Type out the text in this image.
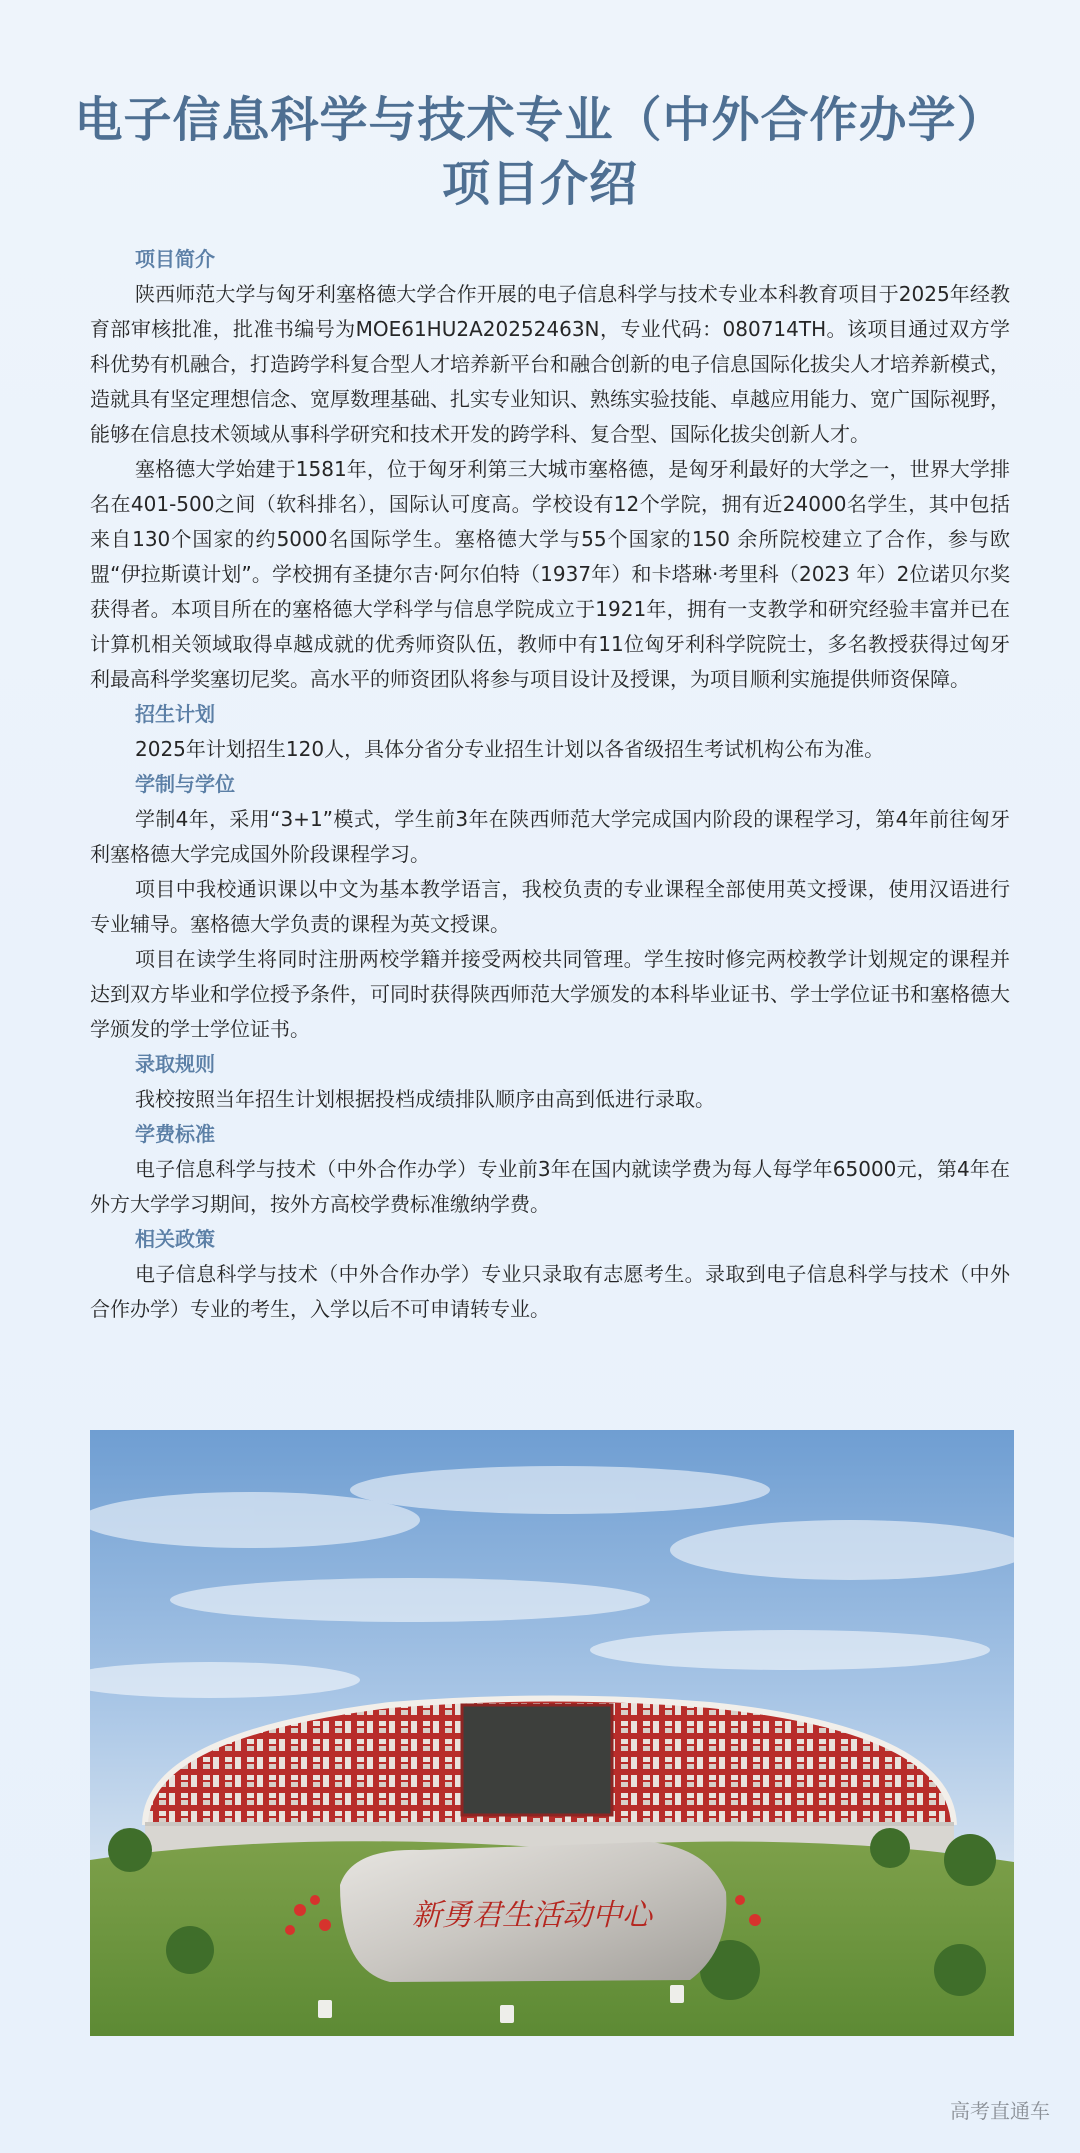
电子信息科学与技术专业（中外合作办学）
项目介绍

项目简介

陕西师范大学与匈牙利塞格德大学合作开展的电子信息科学与技术专业本科教育项目于2025年经教育部审核批准，批准书编号为MOE61HU2A20252463N，专业代码：080714TH。该项目通过双方学科优势有机融合，打造跨学科复合型人才培养新平台和融合创新的电子信息国际化拔尖人才培养新模式，造就具有坚定理想信念、宽厚数理基础、扎实专业知识、熟练实验技能、卓越应用能力、宽广国际视野，能够在信息技术领域从事科学研究和技术开发的跨学科、复合型、国际化拔尖创新人才。

塞格德大学始建于1581年，位于匈牙利第三大城市塞格德，是匈牙利最好的大学之一，世界大学排名在401-500之间（软科排名），国际认可度高。学校设有12个学院，拥有近24000名学生，其中包括来自130个国家的约5000名国际学生。塞格德大学与55个国家的150 余所院校建立了合作，参与欧盟“伊拉斯谟计划”。学校拥有圣捷尔吉·阿尔伯特（1937年）和卡塔琳·考里科（2023 年）2位诺贝尔奖获得者。本项目所在的塞格德大学科学与信息学院成立于1921年，拥有一支教学和研究经验丰富并已在计算机相关领域取得卓越成就的优秀师资队伍，教师中有11位匈牙利科学院院士，多名教授获得过匈牙利最高科学奖塞切尼奖。高水平的师资团队将参与项目设计及授课，为项目顺利实施提供师资保障。

招生计划

2025年计划招生120人，具体分省分专业招生计划以各省级招生考试机构公布为准。

学制与学位

学制4年，采用“3+1”模式，学生前3年在陕西师范大学完成国内阶段的课程学习，第4年前往匈牙利塞格德大学完成国外阶段课程学习。

项目中我校通识课以中文为基本教学语言，我校负责的专业课程全部使用英文授课，使用汉语进行专业辅导。塞格德大学负责的课程为英文授课。

项目在读学生将同时注册两校学籍并接受两校共同管理。学生按时修完两校教学计划规定的课程并达到双方毕业和学位授予条件，可同时获得陕西师范大学颁发的本科毕业证书、学士学位证书和塞格德大学颁发的学士学位证书。

录取规则

我校按照当年招生计划根据投档成绩排队顺序由高到低进行录取。

学费标准

电子信息科学与技术（中外合作办学）专业前3年在国内就读学费为每人每学年65000元，第4年在外方大学学习期间，按外方高校学费标准缴纳学费。

相关政策

电子信息科学与技术（中外合作办学）专业只录取有志愿考生。录取到电子信息科学与技术（中外合作办学）专业的考生，入学以后不可申请转专业。

新勇君生活动中心
高考直通车
